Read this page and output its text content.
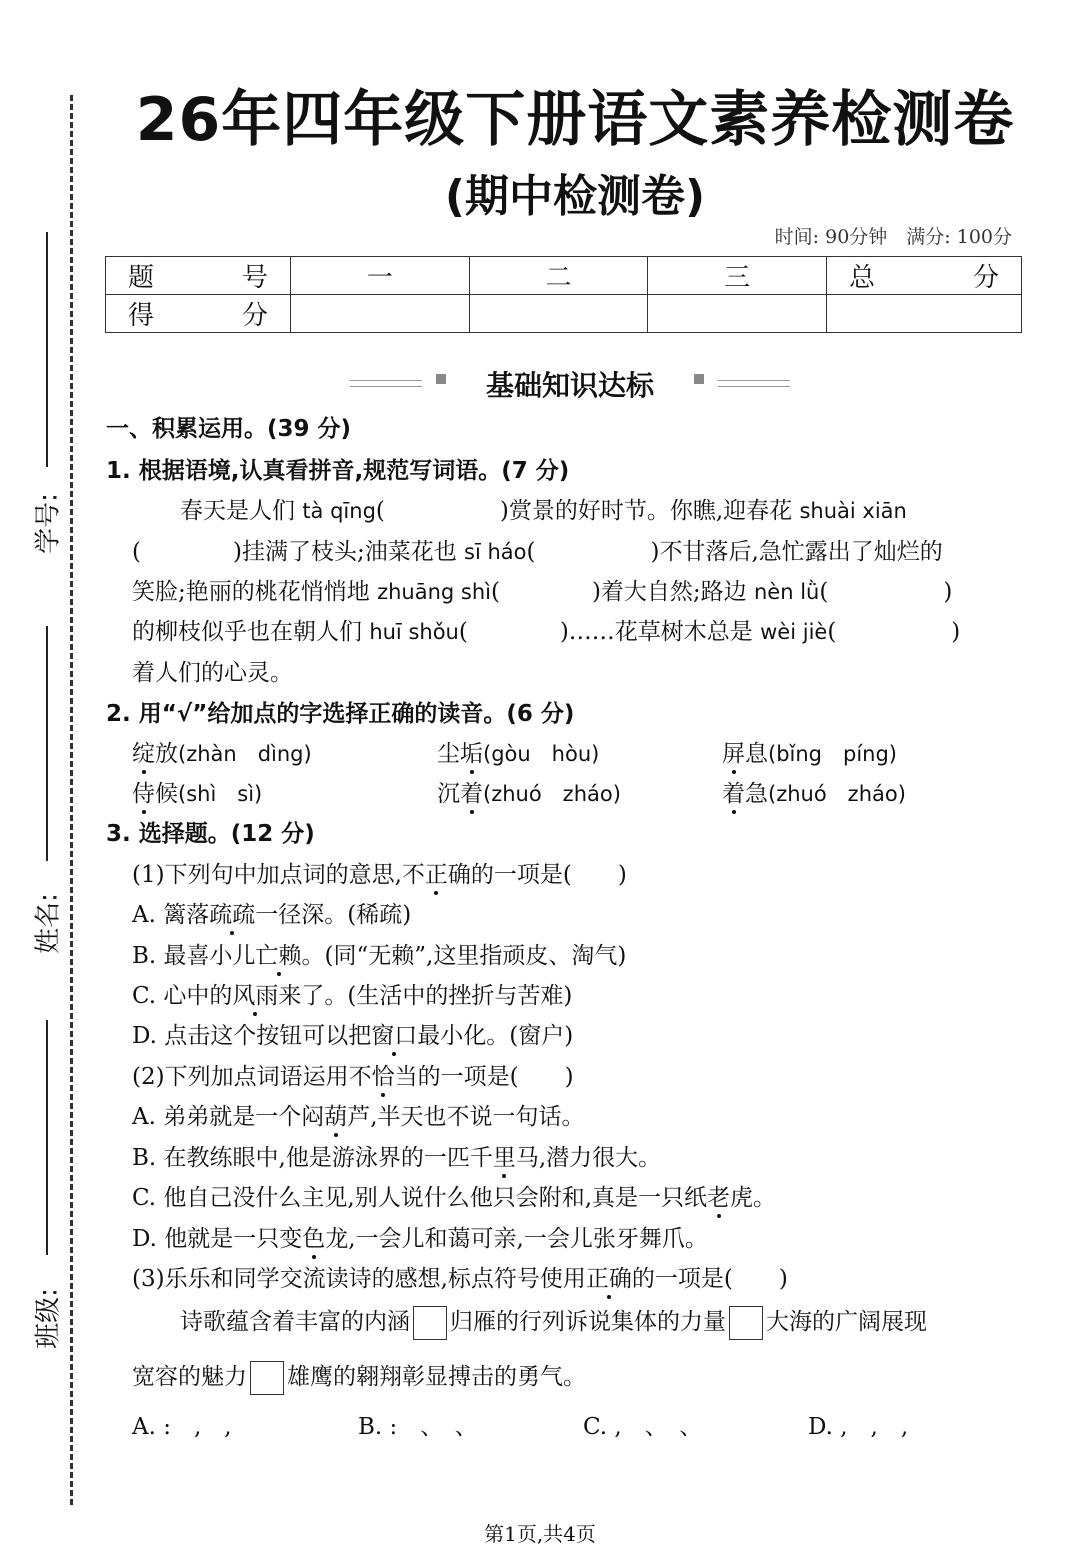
学号:
姓名:
班级:
26年四年级下册语文素养检测卷
(期中检测卷)
时间: 90分钟　满分: 100分
题　　号	一	二	三	总　　分
得　　分				
基础知识达标
一、积累运用。(39 分)
1. 根据语境,认真看拼音,规范写词语。(7 分)
春天是人们 tà qīng(　　　　　)赏景的好时节。你瞧,迎春花 shuài xiān
(　　　　)挂满了枝头;油菜花也 sī háo(　　　　　)不甘落后,急忙露出了灿烂的
笑脸;艳丽的桃花悄悄地 zhuāng shì(　　　　)着大自然;路边 nèn lǜ(　　　　　)
的柳枝似乎也在朝人们 huī shǒu(　　　　)……花草树木总是 wèi jiè(　　　　　)
着人们的心灵。
2. 用“√”给加点的字选择正确的读音。(6 分)
绽放(zhàn　dìng)	尘垢(gòu　hòu)	屏息(bǐng　píng)
侍候(shì　sì)	沉着(zhuó　zháo)	着急(zhuó　zháo)
3. 选择题。(12 分)
(1)下列句中加点词的意思,不正确的一项是(　　)
A. 篱落疏疏一径深。(稀疏)
B. 最喜小儿亡赖。(同“无赖”,这里指顽皮、淘气)
C. 心中的风雨来了。(生活中的挫折与苦难)
D. 点击这个按钮可以把窗口最小化。(窗户)
(2)下列加点词语运用不恰当的一项是(　　)
A. 弟弟就是一个闷葫芦,半天也不说一句话。
B. 在教练眼中,他是游泳界的一匹千里马,潜力很大。
C. 他自己没什么主见,别人说什么他只会附和,真是一只纸老虎。
D. 他就是一只变色龙,一会儿和蔼可亲,一会儿张牙舞爪。
(3)乐乐和同学交流读诗的感想,标点符号使用正确的一项是(　　)
诗歌蕴含着丰富的内涵 归雁的行列诉说集体的力量 大海的广阔展现
宽容的魅力 雄鹰的翱翔彰显搏击的勇气。
A. :　,　,	B. :　、　、	C. ,　、　、	D. ,　,　,
第1页,共4页
